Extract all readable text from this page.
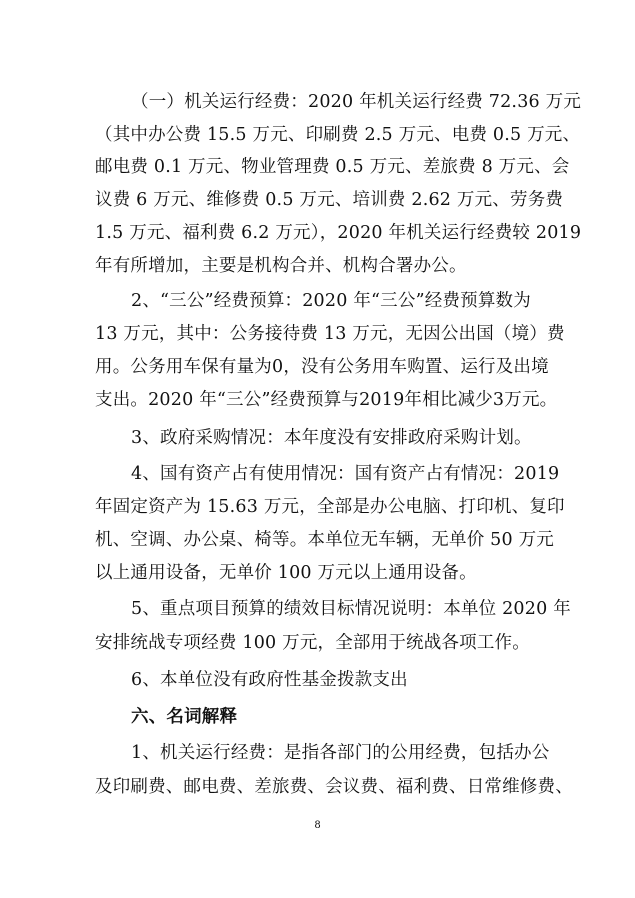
（一）机关运行经费：2020 年机关运行经费 72.36 万元
（其中办公费 15.5 万元、印刷费 2.5 万元、电费 0.5 万元、
邮电费 0.1 万元、物业管理费 0.5 万元、差旅费 8 万元、会
议费 6 万元、维修费 0.5 万元、培训费 2.62 万元、劳务费
1.5 万元、福利费 6.2 万元），2020 年机关运行经费较 2019
年有所增加，主要是机构合并、机构合署办公。
2、“三公”经费预算：2020 年“三公”经费预算数为
13 万元，其中：公务接待费 13 万元，无因公出国（境）费
用。公务用车保有量为0，没有公务用车购置、运行及出境
支出。2020 年“三公”经费预算与2019年相比减少3万元。
3、政府采购情况：本年度没有安排政府采购计划。
4、国有资产占有使用情况：国有资产占有情况：2019
年固定资产为 15.63 万元，全部是办公电脑、打印机、复印
机、空调、办公桌、椅等。本单位无车辆，无单价 50 万元
以上通用设备，无单价 100 万元以上通用设备。
5、重点项目预算的绩效目标情况说明：本单位 2020 年
安排统战专项经费 100 万元，全部用于统战各项工作。
6、本单位没有政府性基金拨款支出
六、名词解释
1、机关运行经费：是指各部门的公用经费，包括办公
及印刷费、邮电费、差旅费、会议费、福利费、日常维修费、
8
